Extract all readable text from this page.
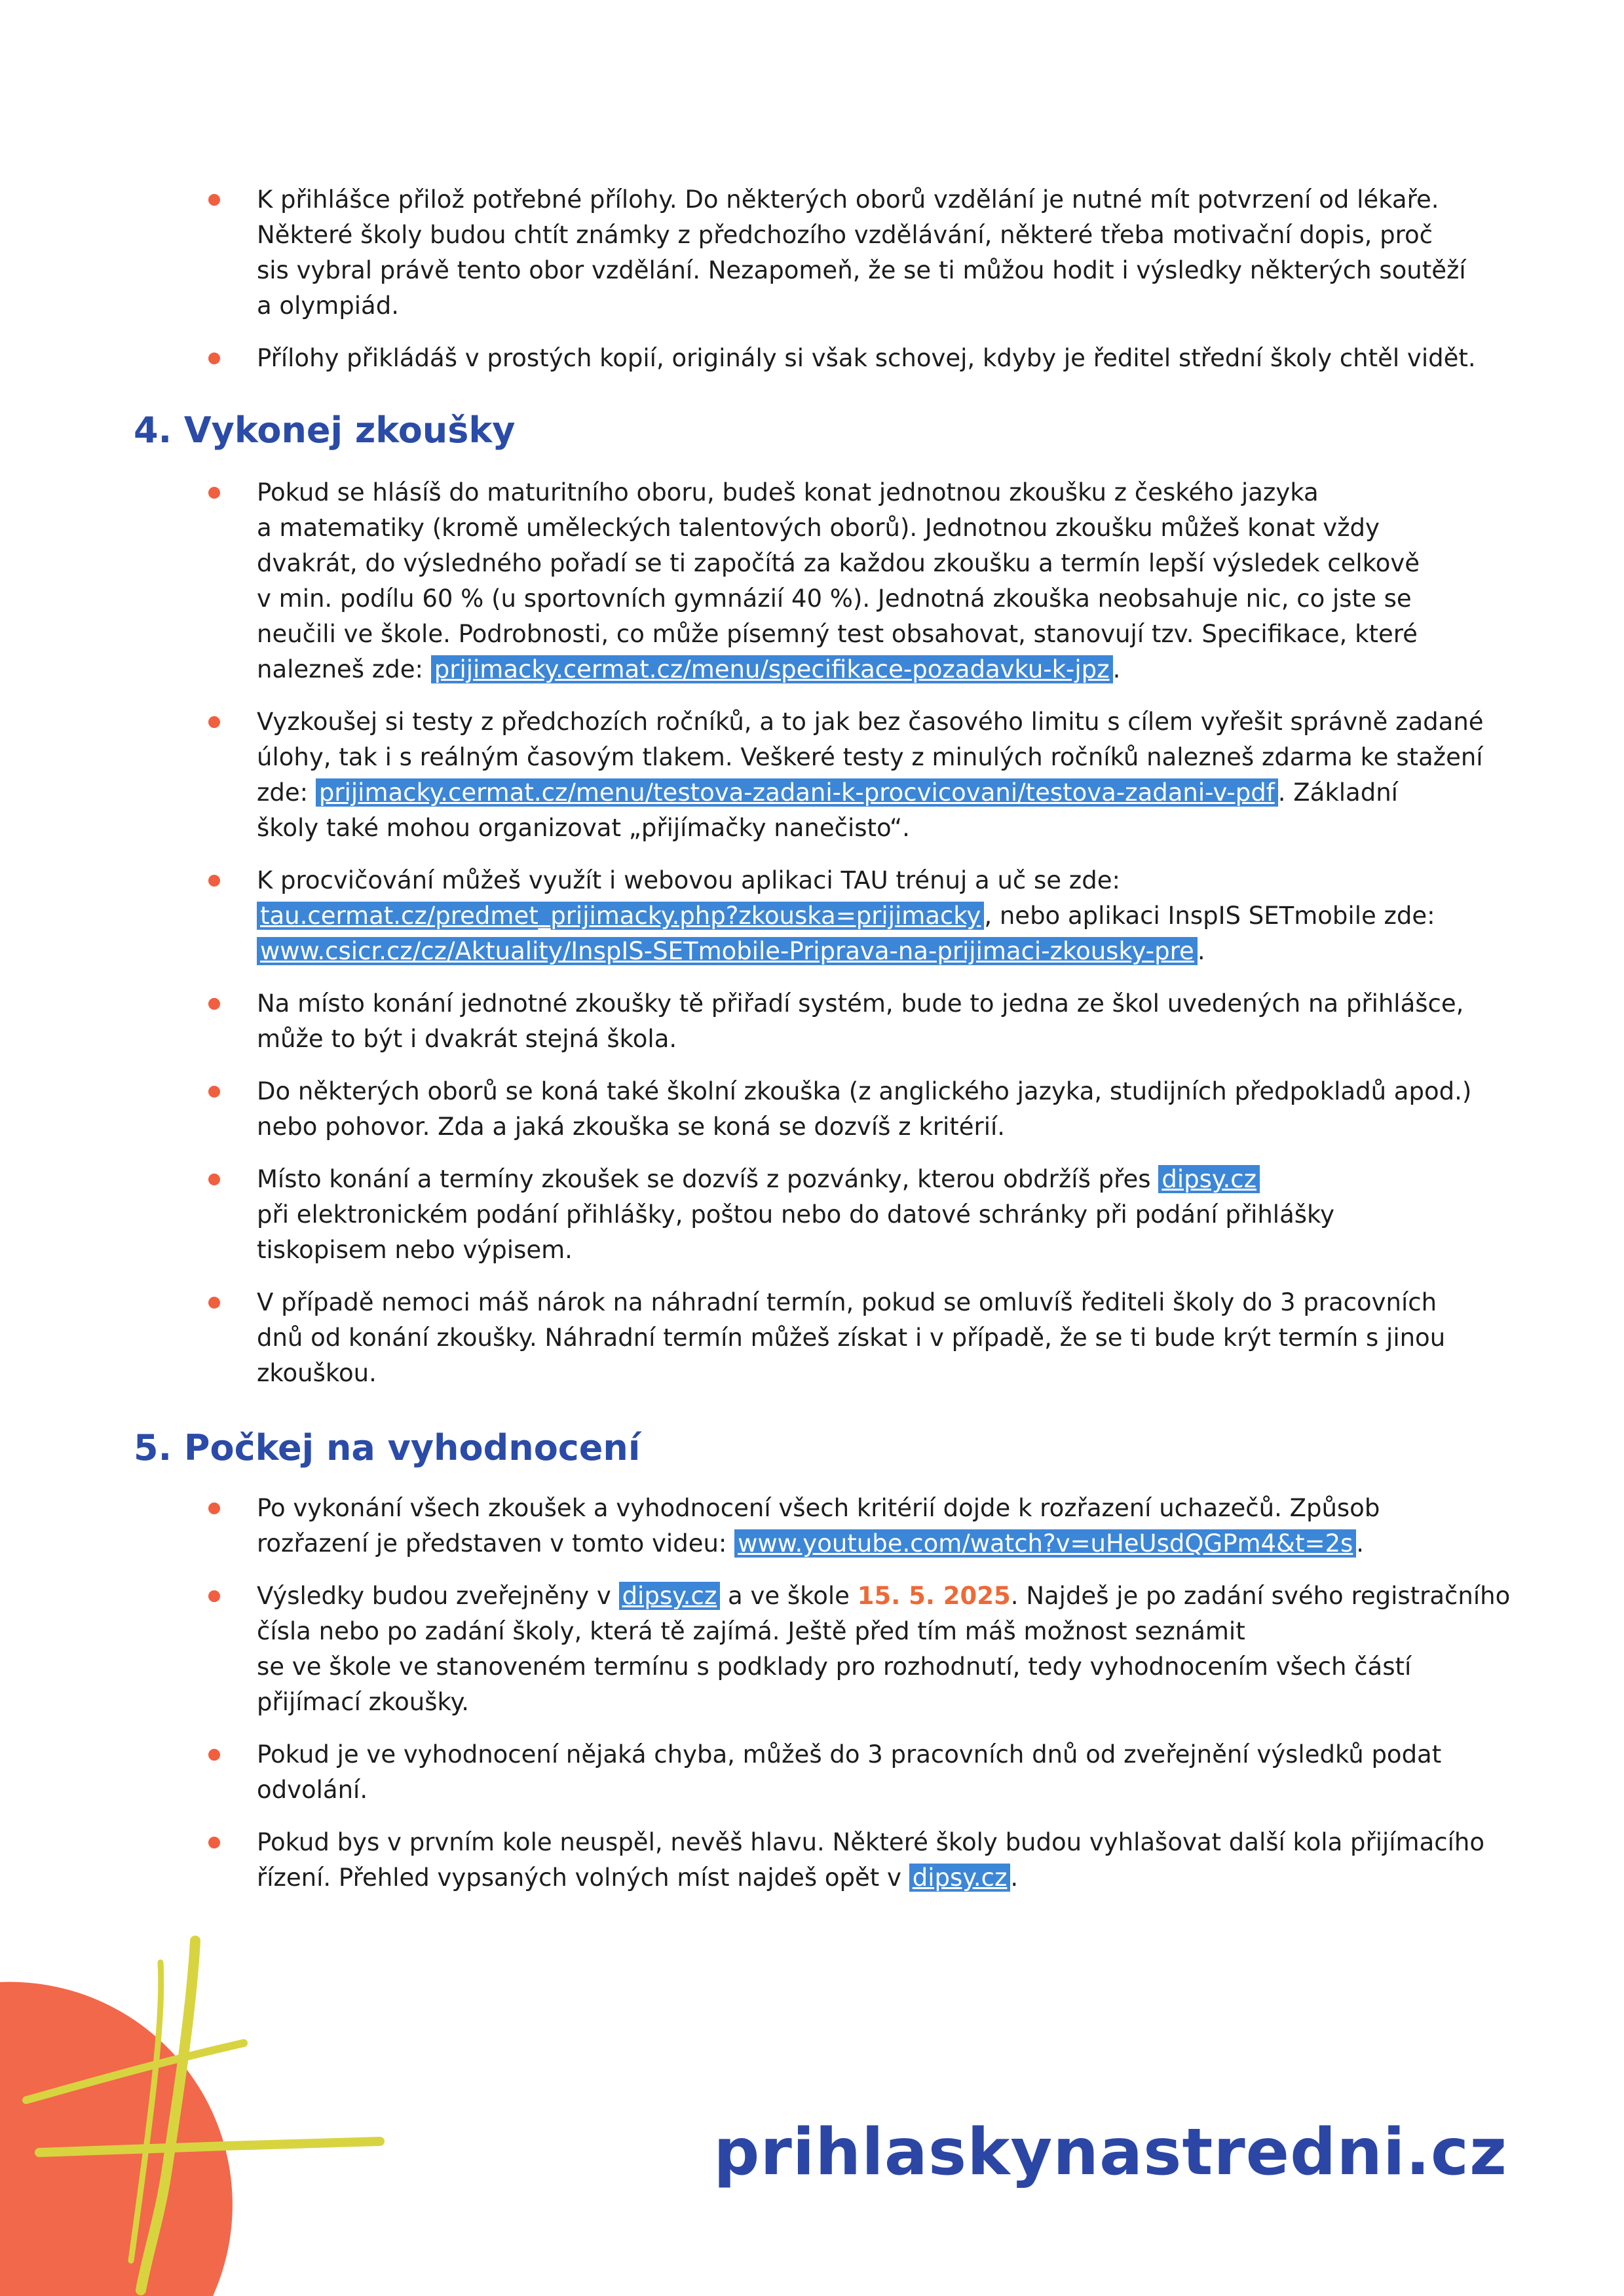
K přihlášce přilož potřebné přílohy. Do některých oborů vzdělání je nutné mít potvrzení od lékaře.
Některé školy budou chtít známky z předchozího vzdělávání, některé třeba motivační dopis, proč
sis vybral právě tento obor vzdělání. Nezapomeň, že se ti můžou hodit i výsledky některých soutěží
a olympiád.
Přílohy přikládáš v prostých kopií, originály si však schovej, kdyby je ředitel střední školy chtěl vidět.
4. Vykonej zkoušky
Pokud se hlásíš do maturitního oboru, budeš konat jednotnou zkoušku z českého jazyka
a matematiky (kromě uměleckých talentových oborů). Jednotnou zkoušku můžeš konat vždy
dvakrát, do výsledného pořadí se ti započítá za každou zkoušku a termín lepší výsledek celkově
v min. podílu 60 % (u sportovních gymnázií 40 %). Jednotná zkouška neobsahuje nic, co jste se
neučili ve škole. Podrobnosti, co může písemný test obsahovat, stanovují tzv. Specifikace, které
nalezneš zde: prijimacky.cermat.cz/menu/specifikace-pozadavku-k-jpz .
Vyzkoušej si testy z předchozích ročníků, a to jak bez časového limitu s cílem vyřešit správně zadané
úlohy, tak i s reálným časovým tlakem. Veškeré testy z minulých ročníků nalezneš zdarma ke stažení
zde: prijimacky.cermat.cz/menu/testova-zadani-k-procvicovani/testova-zadani-v-pdf . Základní
školy také mohou organizovat „přijímačky nanečisto“.
K procvičování můžeš využít i webovou aplikaci TAU trénuj a uč se zde:
tau.cermat.cz/predmet_prijimacky.php?zkouska=prijimacky , nebo aplikaci InspIS SETmobile zde:
www.csicr.cz/cz/Aktuality/InspIS-SETmobile-Priprava-na-prijimaci-zkousky-pre .
Na místo konání jednotné zkoušky tě přiřadí systém, bude to jedna ze škol uvedených na přihlášce,
může to být i dvakrát stejná škola.
Do některých oborů se koná také školní zkouška (z anglického jazyka, studijních předpokladů apod.)
nebo pohovor. Zda a jaká zkouška se koná se dozvíš z kritérií.
Místo konání a termíny zkoušek se dozvíš z pozvánky, kterou obdržíš přes dipsy.cz
při elektronickém podání přihlášky, poštou nebo do datové schránky při podání přihlášky
tiskopisem nebo výpisem.
V případě nemoci máš nárok na náhradní termín, pokud se omluvíš řediteli školy do 3 pracovních
dnů od konání zkoušky. Náhradní termín můžeš získat i v případě, že se ti bude krýt termín s jinou
zkouškou.
5. Počkej na vyhodnocení
Po vykonání všech zkoušek a vyhodnocení všech kritérií dojde k rozřazení uchazečů. Způsob
rozřazení je představen v tomto videu: www.youtube.com/watch?v=uHeUsdQGPm4&t=2s .
Výsledky budou zveřejněny v dipsy.cz a ve škole 15. 5. 2025. Najdeš je po zadání svého registračního
čísla nebo po zadání školy, která tě zajímá. Ještě před tím máš možnost seznámit
se ve škole ve stanoveném termínu s podklady pro rozhodnutí, tedy vyhodnocením všech částí
přijímací zkoušky.
Pokud je ve vyhodnocení nějaká chyba, můžeš do 3 pracovních dnů od zveřejnění výsledků podat
odvolání.
Pokud bys v prvním kole neuspěl, nevěš hlavu. Některé školy budou vyhlašovat další kola přijímacího
řízení. Přehled vypsaných volných míst najdeš opět v dipsy.cz .
prihlaskynastredni.cz
